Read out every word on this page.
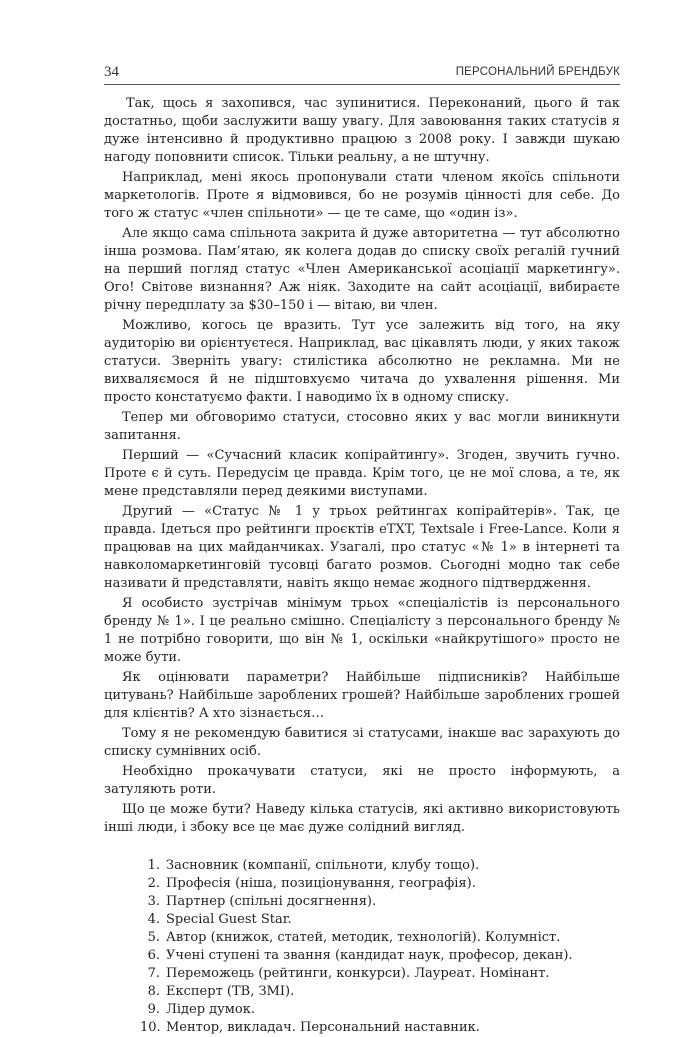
34	ПЕРСОНАЛЬНИЙ БРЕНДБУК

Так, щось я захопився, час зупинитися. Переконаний, цього й так достатньо, щоби заслужити вашу увагу. Для завоювання таких статусів я дуже інтенсивно й продуктивно працюю з 2008 року. І завжди шукаю нагоду поповнити список. Тільки реальну, а не штучну.

Наприклад, мені якось пропонували стати членом якоїсь спільноти маркетологів. Проте я відмовився, бо не розумів цінності для себе. До того ж статус «член спільноти» — це те саме, що «один із».

Але якщо сама спільнота закрита й дуже авторитетна — тут абсолютно інша розмова. Пам’ятаю, як колега додав до списку своїх регалій гучний на перший погляд статус «Член Американської асоціації маркетингу». Ого! Світове визнання? Аж ніяк. Заходите на сайт асоціації, вибираєте річну передплату за $30–150 і — вітаю, ви член.

Можливо, когось це вразить. Тут усе залежить від того, на яку аудиторію ви орієнтуєтеся. Наприклад, вас цікавлять люди, у яких також статуси. Зверніть увагу: стилістика абсолютно не рекламна. Ми не вихваляємося й не підштовхуємо читача до ухвалення рішення. Ми просто констатуємо факти. І наводимо їх в одному списку.

Тепер ми обговоримо статуси, стосовно яких у вас могли виникнути запитання.

Перший — «Сучасний класик копірайтингу». Згоден, звучить гучно. Проте є й суть. Передусім це правда. Крім того, це не мої слова, а те, як мене представляли перед деякими виступами.

Другий — «Статус № 1 у трьох рейтингах копірайтерів». Так, це правда. Ідеться про рейтинги проєктів eTXT, Textsale і Free-Lance. Коли я працював на цих майданчиках. Узагалі, про статус «№ 1» в інтернеті та навколомаркетинговій тусовці багато розмов. Сьогодні модно так себе називати й представляти, навіть якщо немає жодного підтвердження.

Я особисто зустрічав мінімум трьох «спеціалістів із персонального бренду № 1». І це реально смішно. Спеціалісту з персонального бренду № 1 не потрібно говорити, що він № 1, оскільки «найкрутішого» просто не може бути.

Як оцінювати параметри? Найбільше підписників? Найбільше цитувань? Найбільше зароблених грошей? Найбільше зароблених грошей для клієнтів? А хто зізнається…

Тому я не рекомендую бавитися зі статусами, інакше вас зарахують до списку сумнівних осіб.

Необхідно прокачувати статуси, які не просто інформують, а затуляють роти.

Що це може бути? Наведу кілька статусів, які активно використовують інші люди, і збоку все це має дуже солідний вигляд.

1. Засновник (компанії, спільноти, клубу тощо).
2. Професія (ніша, позиціонування, географія).
3. Партнер (спільні досягнення).
4. Special Guest Star.
5. Автор (книжок, статей, методик, технологій). Колумніст.
6. Учені ступені та звання (кандидат наук, професор, декан).
7. Переможець (рейтинги, конкурси). Лауреат. Номінант.
8. Експерт (ТВ, ЗМІ).
9. Лідер думок.
10. Ментор, викладач. Персональний наставник.
